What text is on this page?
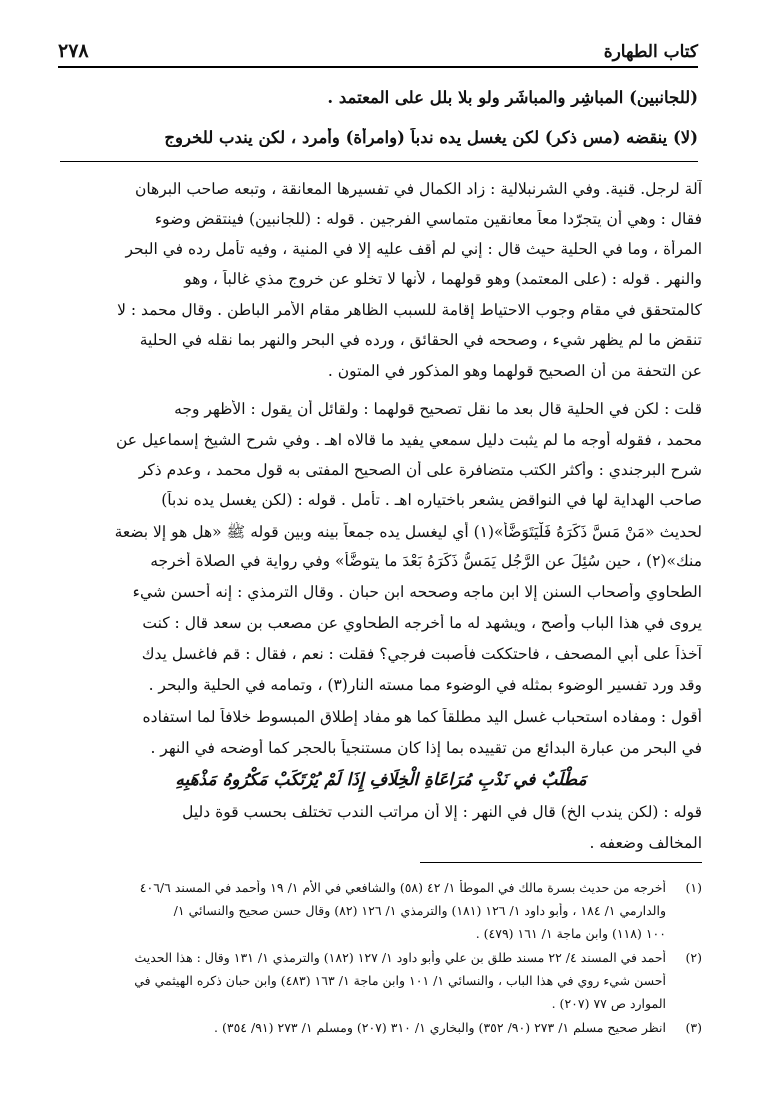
كتاب الطهارة
٢٧٨
(للجانبين) المباشِر والمباشَر ولو بلا بلل على المعتمد .
(لا) ينقضه (مس ذكر) لكن يغسل يده ندباً (وامرأة) وأمرد ، لكن يندب للخروج
آلة لرجل. قنية. وفي الشرنبلالية : زاد الكمال في تفسيرها المعانقة ، وتبعه صاحب البرهان
فقال : وهي أن يتجرّدا معاً معانقين متماسي الفرجين . قوله : (للجانبين) فينتقض وضوء
المرأة ، وما في الحلية حيث قال : إني لم أقف عليه إلا في المنية ، وفيه تأمل رده في البحر
والنهر . قوله : (على المعتمد) وهو قولهما ، لأنها لا تخلو عن خروج مذي غالباً ، وهو
كالمتحقق في مقام وجوب الاحتياط إقامة للسبب الظاهر مقام الأمر الباطن . وقال محمد : لا
تنقض ما لم يظهر شيء ، وصححه في الحقائق ، ورده في البحر والنهر بما نقله في الحلية
عن التحفة من أن الصحيح قولهما وهو المذكور في المتون .
قلت : لكن في الحلية قال بعد ما نقل تصحيح قولهما : ولقائل أن يقول : الأظهر وجه
محمد ، فقوله أوجه ما لم يثبت دليل سمعي يفيد ما قالاه اهـ . وفي شرح الشيخ إسماعيل عن
شرح البرجندي : وأكثر الكتب متضافرة على أن الصحيح المفتى به قول محمد ، وعدم ذكر
صاحب الهداية لها في النواقض يشعر باختياره اهـ . تأمل . قوله : (لكن يغسل يده ندباً)
لحديث «مَنْ مَسَّ ذَكَرَهُ فَلْيَتَوَضَّأْ»(١) أي ليغسل يده جمعاً بينه وبين قوله ﷺ «هل هو إلا بضعة
منك»(٢) ، حين سُئِلَ عن الرَّجُلِ يَمَسُّ ذَكَرَهُ بَعْدَ ما يتوضَّأ» وفي رواية في الصلاة أخرجه
الطحاوي وأصحاب السنن إلا ابن ماجه وصححه ابن حبان . وقال الترمذي : إنه أحسن شيء
يروى في هذا الباب وأصح ، ويشهد له ما أخرجه الطحاوي عن مصعب بن سعد قال : كنت
آخذاً على أبي المصحف ، فاحتككت فأصبت فرجي؟ فقلت : نعم ، فقال : قم فاغسل يدك
وقد ورد تفسير الوضوء بمثله في الوضوء مما مسته النار(٣) ، وتمامه في الحلية والبحر .
أقول : ومفاده استحباب غسل اليد مطلقاً كما هو مفاد إطلاق المبسوط خلافاً لما استفاده
في البحر من عبارة البدائع من تقييده بما إذا كان مستنجياً بالحجر كما أوضحه في النهر .
مَطْلَبٌ في نَدْبِ مُرَاعَاةِ الْخِلَافِ إِذَا لَمْ يُرْتَكَبْ مَكْرُوهُ مَذْهَبِهِ
قوله : (لكن يندب الخ) قال في النهر : إلا أن مراتب الندب تختلف بحسب قوة دليل
المخالف وضعفه .
(١)أخرجه من حديث بسرة مالك في الموطأ ١/ ٤٢ (٥٨) والشافعي في الأم ١/ ١٩ وأحمد في المسند ٤٠٦/٦
والدارمي ١/ ١٨٤ ، وأبو داود ١/ ١٢٦ (١٨١) والترمذي ١/ ١٢٦ (٨٢) وقال حسن صحيح والنسائي ١/
١٠٠ (١١٨) وابن ماجة ١/ ١٦١ (٤٧٩) .
(٢)أحمد في المسند ٤/ ٢٢ مسند طلق بن علي وأبو داود ١/ ١٢٧ (١٨٢) والترمذي ١/ ١٣١ وقال : هذا الحديث
أحسن شيء روي في هذا الباب ، والنسائي ١/ ١٠١ وابن ماجة ١/ ١٦٣ (٤٨٣) وابن حبان ذكره الهيثمي في
الموارد ص ٧٧ (٢٠٧) .
(٣)انظر صحيح مسلم ١/ ٢٧٣ (٩٠/ ٣٥٢) والبخاري ١/ ٣١٠ (٢٠٧) ومسلم ١/ ٢٧٣ (٩١/ ٣٥٤) .
